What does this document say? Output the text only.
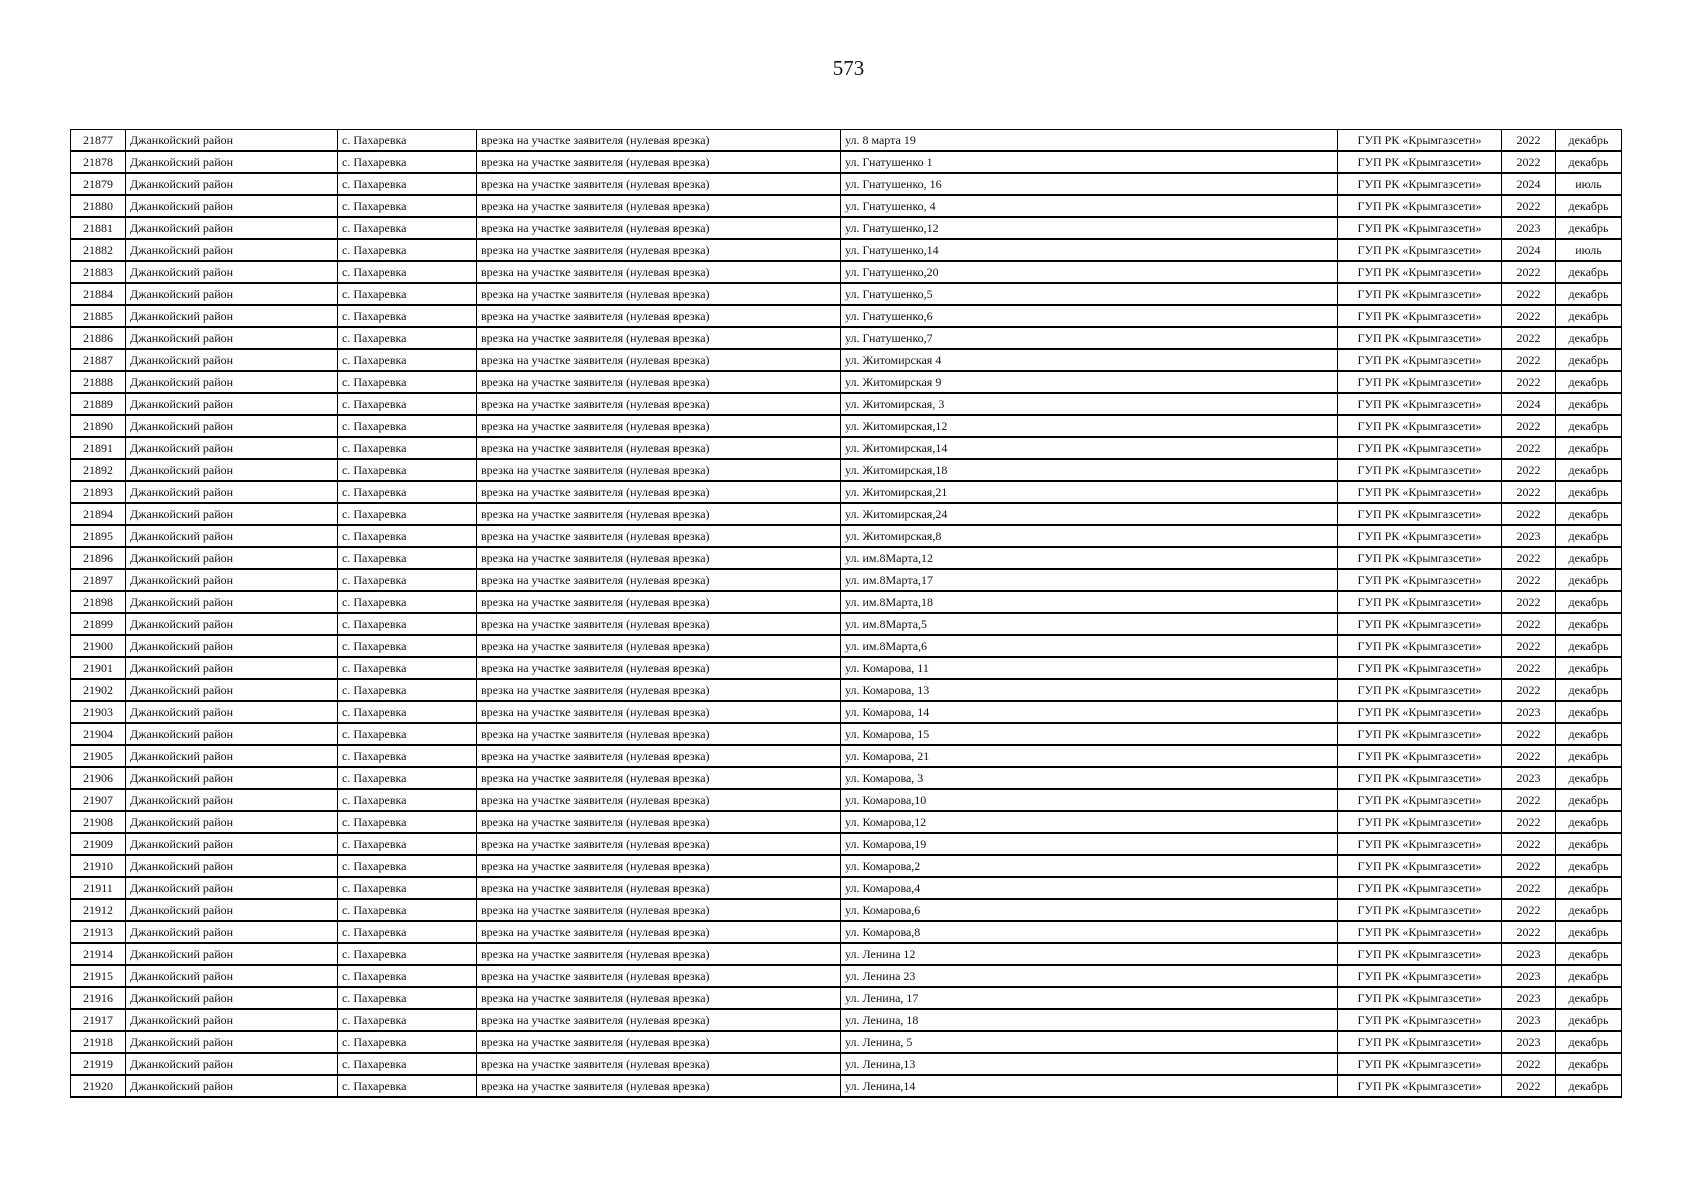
573
21877	Джанкойский район	с. Пахаревка	врезка на участке заявителя (нулевая врезка)	ул. 8 марта 19	ГУП РК «Крымгазсети»	2022	декабрь
21878	Джанкойский район	с. Пахаревка	врезка на участке заявителя (нулевая врезка)	ул. Гнатушенко 1	ГУП РК «Крымгазсети»	2022	декабрь
21879	Джанкойский район	с. Пахаревка	врезка на участке заявителя (нулевая врезка)	ул. Гнатушенко, 16	ГУП РК «Крымгазсети»	2024	июль
21880	Джанкойский район	с. Пахаревка	врезка на участке заявителя (нулевая врезка)	ул. Гнатушенко, 4	ГУП РК «Крымгазсети»	2022	декабрь
21881	Джанкойский район	с. Пахаревка	врезка на участке заявителя (нулевая врезка)	ул. Гнатушенко,12	ГУП РК «Крымгазсети»	2023	декабрь
21882	Джанкойский район	с. Пахаревка	врезка на участке заявителя (нулевая врезка)	ул. Гнатушенко,14	ГУП РК «Крымгазсети»	2024	июль
21883	Джанкойский район	с. Пахаревка	врезка на участке заявителя (нулевая врезка)	ул. Гнатушенко,20	ГУП РК «Крымгазсети»	2022	декабрь
21884	Джанкойский район	с. Пахаревка	врезка на участке заявителя (нулевая врезка)	ул. Гнатушенко,5	ГУП РК «Крымгазсети»	2022	декабрь
21885	Джанкойский район	с. Пахаревка	врезка на участке заявителя (нулевая врезка)	ул. Гнатушенко,6	ГУП РК «Крымгазсети»	2022	декабрь
21886	Джанкойский район	с. Пахаревка	врезка на участке заявителя (нулевая врезка)	ул. Гнатушенко,7	ГУП РК «Крымгазсети»	2022	декабрь
21887	Джанкойский район	с. Пахаревка	врезка на участке заявителя (нулевая врезка)	ул. Житомирская 4	ГУП РК «Крымгазсети»	2022	декабрь
21888	Джанкойский район	с. Пахаревка	врезка на участке заявителя (нулевая врезка)	ул. Житомирская 9	ГУП РК «Крымгазсети»	2022	декабрь
21889	Джанкойский район	с. Пахаревка	врезка на участке заявителя (нулевая врезка)	ул. Житомирская, 3	ГУП РК «Крымгазсети»	2024	декабрь
21890	Джанкойский район	с. Пахаревка	врезка на участке заявителя (нулевая врезка)	ул. Житомирская,12	ГУП РК «Крымгазсети»	2022	декабрь
21891	Джанкойский район	с. Пахаревка	врезка на участке заявителя (нулевая врезка)	ул. Житомирская,14	ГУП РК «Крымгазсети»	2022	декабрь
21892	Джанкойский район	с. Пахаревка	врезка на участке заявителя (нулевая врезка)	ул. Житомирская,18	ГУП РК «Крымгазсети»	2022	декабрь
21893	Джанкойский район	с. Пахаревка	врезка на участке заявителя (нулевая врезка)	ул. Житомирская,21	ГУП РК «Крымгазсети»	2022	декабрь
21894	Джанкойский район	с. Пахаревка	врезка на участке заявителя (нулевая врезка)	ул. Житомирская,24	ГУП РК «Крымгазсети»	2022	декабрь
21895	Джанкойский район	с. Пахаревка	врезка на участке заявителя (нулевая врезка)	ул. Житомирская,8	ГУП РК «Крымгазсети»	2023	декабрь
21896	Джанкойский район	с. Пахаревка	врезка на участке заявителя (нулевая врезка)	ул. им.8Марта,12	ГУП РК «Крымгазсети»	2022	декабрь
21897	Джанкойский район	с. Пахаревка	врезка на участке заявителя (нулевая врезка)	ул. им.8Марта,17	ГУП РК «Крымгазсети»	2022	декабрь
21898	Джанкойский район	с. Пахаревка	врезка на участке заявителя (нулевая врезка)	ул. им.8Марта,18	ГУП РК «Крымгазсети»	2022	декабрь
21899	Джанкойский район	с. Пахаревка	врезка на участке заявителя (нулевая врезка)	ул. им.8Марта,5	ГУП РК «Крымгазсети»	2022	декабрь
21900	Джанкойский район	с. Пахаревка	врезка на участке заявителя (нулевая врезка)	ул. им.8Марта,6	ГУП РК «Крымгазсети»	2022	декабрь
21901	Джанкойский район	с. Пахаревка	врезка на участке заявителя (нулевая врезка)	ул. Комарова, 11	ГУП РК «Крымгазсети»	2022	декабрь
21902	Джанкойский район	с. Пахаревка	врезка на участке заявителя (нулевая врезка)	ул. Комарова, 13	ГУП РК «Крымгазсети»	2022	декабрь
21903	Джанкойский район	с. Пахаревка	врезка на участке заявителя (нулевая врезка)	ул. Комарова, 14	ГУП РК «Крымгазсети»	2023	декабрь
21904	Джанкойский район	с. Пахаревка	врезка на участке заявителя (нулевая врезка)	ул. Комарова, 15	ГУП РК «Крымгазсети»	2022	декабрь
21905	Джанкойский район	с. Пахаревка	врезка на участке заявителя (нулевая врезка)	ул. Комарова, 21	ГУП РК «Крымгазсети»	2022	декабрь
21906	Джанкойский район	с. Пахаревка	врезка на участке заявителя (нулевая врезка)	ул. Комарова, 3	ГУП РК «Крымгазсети»	2023	декабрь
21907	Джанкойский район	с. Пахаревка	врезка на участке заявителя (нулевая врезка)	ул. Комарова,10	ГУП РК «Крымгазсети»	2022	декабрь
21908	Джанкойский район	с. Пахаревка	врезка на участке заявителя (нулевая врезка)	ул. Комарова,12	ГУП РК «Крымгазсети»	2022	декабрь
21909	Джанкойский район	с. Пахаревка	врезка на участке заявителя (нулевая врезка)	ул. Комарова,19	ГУП РК «Крымгазсети»	2022	декабрь
21910	Джанкойский район	с. Пахаревка	врезка на участке заявителя (нулевая врезка)	ул. Комарова,2	ГУП РК «Крымгазсети»	2022	декабрь
21911	Джанкойский район	с. Пахаревка	врезка на участке заявителя (нулевая врезка)	ул. Комарова,4	ГУП РК «Крымгазсети»	2022	декабрь
21912	Джанкойский район	с. Пахаревка	врезка на участке заявителя (нулевая врезка)	ул. Комарова,6	ГУП РК «Крымгазсети»	2022	декабрь
21913	Джанкойский район	с. Пахаревка	врезка на участке заявителя (нулевая врезка)	ул. Комарова,8	ГУП РК «Крымгазсети»	2022	декабрь
21914	Джанкойский район	с. Пахаревка	врезка на участке заявителя (нулевая врезка)	ул. Ленина 12	ГУП РК «Крымгазсети»	2023	декабрь
21915	Джанкойский район	с. Пахаревка	врезка на участке заявителя (нулевая врезка)	ул. Ленина 23	ГУП РК «Крымгазсети»	2023	декабрь
21916	Джанкойский район	с. Пахаревка	врезка на участке заявителя (нулевая врезка)	ул. Ленина, 17	ГУП РК «Крымгазсети»	2023	декабрь
21917	Джанкойский район	с. Пахаревка	врезка на участке заявителя (нулевая врезка)	ул. Ленина, 18	ГУП РК «Крымгазсети»	2023	декабрь
21918	Джанкойский район	с. Пахаревка	врезка на участке заявителя (нулевая врезка)	ул. Ленина, 5	ГУП РК «Крымгазсети»	2023	декабрь
21919	Джанкойский район	с. Пахаревка	врезка на участке заявителя (нулевая врезка)	ул. Ленина,13	ГУП РК «Крымгазсети»	2022	декабрь
21920	Джанкойский район	с. Пахаревка	врезка на участке заявителя (нулевая врезка)	ул. Ленина,14	ГУП РК «Крымгазсети»	2022	декабрь
